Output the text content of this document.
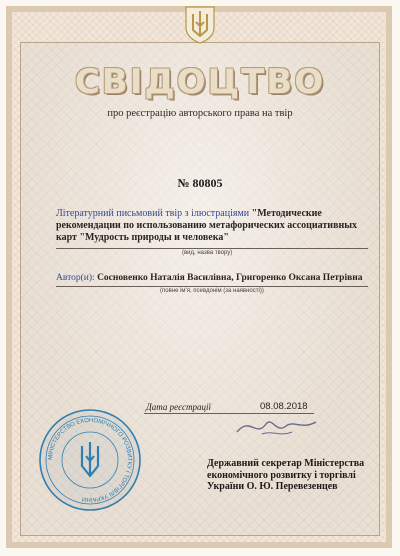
СВІДОЦТВО
про реєстрацію авторського права на твір
№ 80805
Літературний письмовий твір з ілюстраціями "Методические рекомендации по использованию метафорических ассоциативных карт "Мудрость природы и человека"
(вид, назва твору)
Автор(и): Сосновенко Наталія Василівна, Григоренко Оксана Петрівна
(повне ім'я, псевдонім (за наявності))
Дата реєстрації	08.08.2018
МІНІСТЕРСТВО ЕКОНОМІЧНОГО РОЗВИТКУ І ТОРГІВЛІ УКРАЇНИ
Державний секретар Міністерства економічного розвитку і торгівлі України О. Ю. Перевезенцев
